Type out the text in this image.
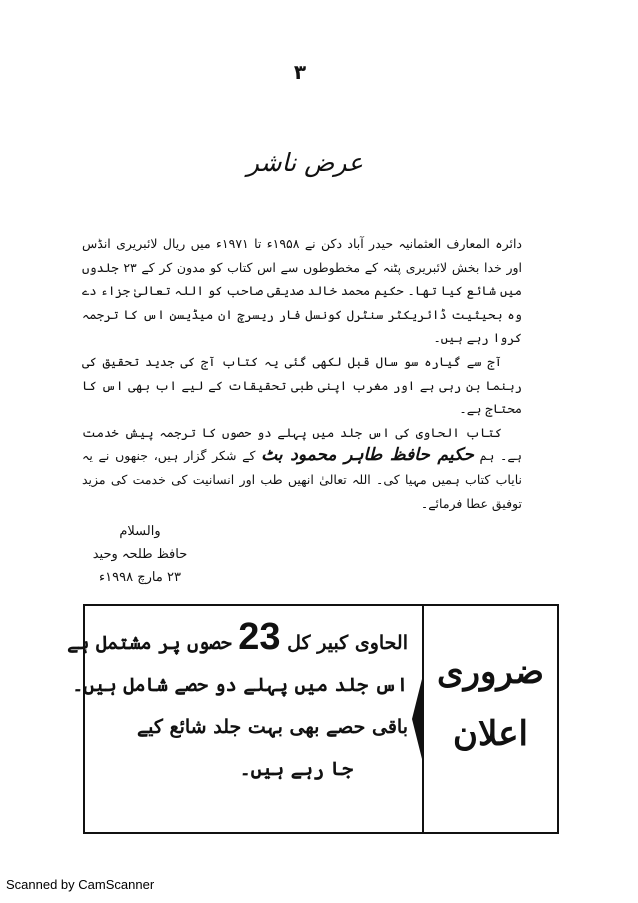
۳
عرض ناشر

دائرہ المعارف العثمانیہ حیدر آباد دکن نے ۱۹۵۸ء تا ۱۹۷۱ء میں ریال لائبریری انڈس اور خدا بخش لائبریری پٹنہ کے مخطوطوں سے اس کتاب کو مدون کر کے ۲۳ جلدوں میں شائع کیا تھا۔ حکیم محمد خالد صدیقی صاحب کو اللہ تعالیٰ جزاء دے وہ بحیثیت ڈائریکٹر سنٹرل کونسل فار ریسرچ ان میڈیسن اس کا ترجمہ کروا رہے ہیں۔

آج سے گیارہ سو سال قبل لکھی گئی یہ کتاب آج کی جدید تحقیق کی رہنما بن رہی ہے اور مغرب اپنی طبی تحقیقات کے لیے اب بھی اس کا محتاج ہے۔

کتاب الحاوی کی اس جلد میں پہلے دو حصوں کا ترجمہ پیش خدمت ہے۔ ہم حکیم حافظ طاہر محمود بٹ کے شکر گزار ہیں، جنھوں نے یہ نایاب کتاب ہمیں مہیا کی۔ اللہ تعالیٰ انھیں طب اور انسانیت کی خدمت کی مزید توفیق عطا فرمائے۔

والسلام
حافظ طلحہ وحید
۲۳ مارچ ۱۹۹۸ء
ضروری
اعلان
الحاوی کبیر کل 23 حصوں پر مشتمل ہے
اس جلد میں پہلے دو حصے شامل ہیں۔
باقی حصے بھی بہت جلد شائع کیے
جا رہے ہیں۔
Scanned by CamScanner
